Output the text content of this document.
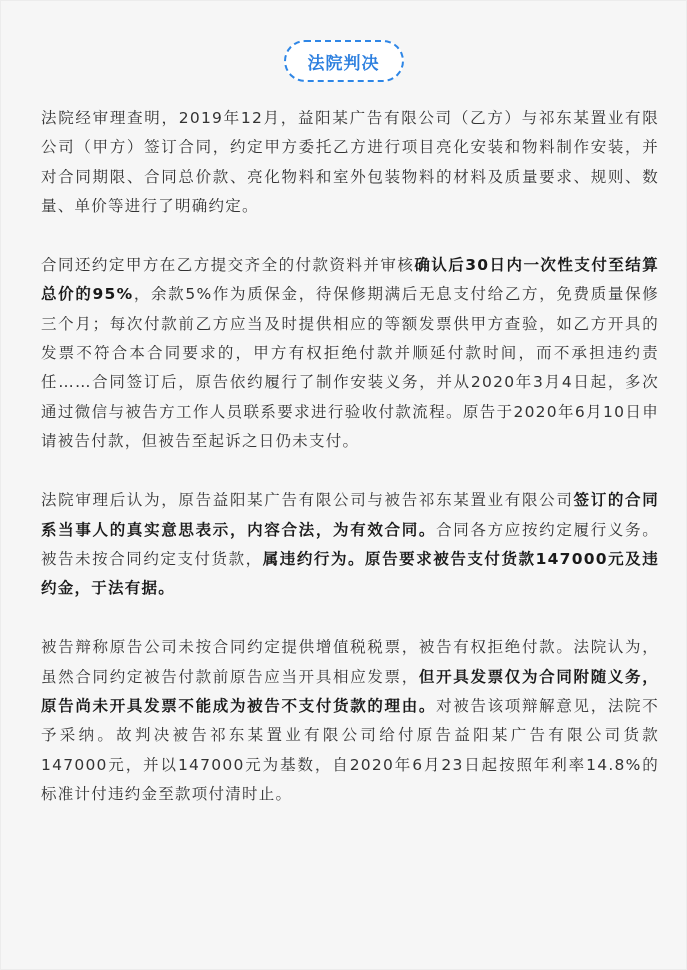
法院判决

法院经审理查明，2019年12月，益阳某广告有限公司（乙方）与祁东某置业有限公司（甲方）签订合同，约定甲方委托乙方进行项目亮化安装和物料制作安装，并对合同期限、合同总价款、亮化物料和室外包装物料的材料及质量要求、规则、数量、单价等进行了明确约定。

合同还约定甲方在乙方提交齐全的付款资料并审核确认后30日内一次性支付至结算总价的95%，余款5%作为质保金，待保修期满后无息支付给乙方，免费质量保修三个月；每次付款前乙方应当及时提供相应的等额发票供甲方查验，如乙方开具的发票不符合本合同要求的，甲方有权拒绝付款并顺延付款时间，而不承担违约责任……合同签订后，原告依约履行了制作安装义务，并从2020年3月4日起，多次通过微信与被告方工作人员联系要求进行验收付款流程。原告于2020年6月10日申请被告付款，但被告至起诉之日仍未支付。

法院审理后认为，原告益阳某广告有限公司与被告祁东某置业有限公司签订的合同系当事人的真实意思表示，内容合法，为有效合同。合同各方应按约定履行义务。被告未按合同约定支付货款，属违约行为。原告要求被告支付货款147000元及违约金，于法有据。

被告辩称原告公司未按合同约定提供增值税税票，被告有权拒绝付款。法院认为，虽然合同约定被告付款前原告应当开具相应发票，但开具发票仅为合同附随义务，原告尚未开具发票不能成为被告不支付货款的理由。对被告该项辩解意见，法院不予采纳。故判决被告祁东某置业有限公司给付原告益阳某广告有限公司货款147000元，并以147000元为基数，自2020年6月23日起按照年利率14.8%的标准计付违约金至款项付清时止。
